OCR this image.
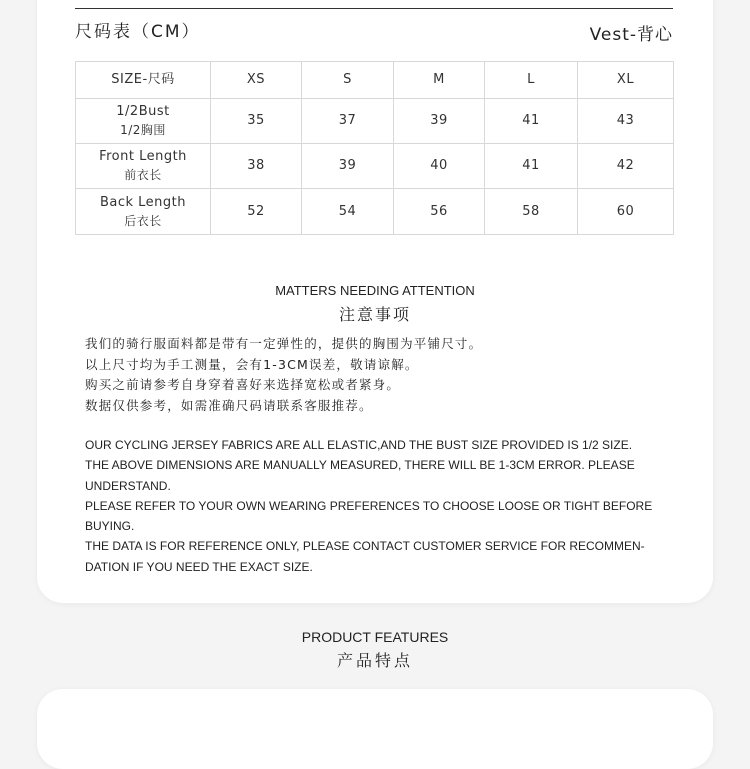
尺码表（CM）	Vest-背心
SIZE-尺码	XS	S	M	L	XL

1/2Bust
1/2胸围	35	37	39	41	43

Front Length
前衣长	38	39	40	41	42

Back Length
后衣长	52	54	56	58	60
MATTERS NEEDING ATTENTION
注意事项
我们的骑行服面料都是带有一定弹性的，提供的胸围为平铺尺寸。
以上尺寸均为手工测量，会有1-3CM误差，敬请谅解。
购买之前请参考自身穿着喜好来选择宽松或者紧身。
数据仅供参考，如需准确尺码请联系客服推荐。
OUR CYCLING JERSEY FABRICS ARE ALL ELASTIC,AND THE BUST SIZE PROVIDED IS 1/2 SIZE.
THE ABOVE DIMENSIONS ARE MANUALLY MEASURED, THERE WILL BE 1-3CM ERROR. PLEASE UNDERSTAND.
PLEASE REFER TO YOUR OWN WEARING PREFERENCES TO CHOOSE LOOSE OR TIGHT BEFORE BUYING.
THE DATA IS FOR REFERENCE ONLY, PLEASE CONTACT CUSTOMER SERVICE FOR RECOMMEN-DATION IF YOU NEED THE EXACT SIZE.
PRODUCT FEATURES
产品特点
